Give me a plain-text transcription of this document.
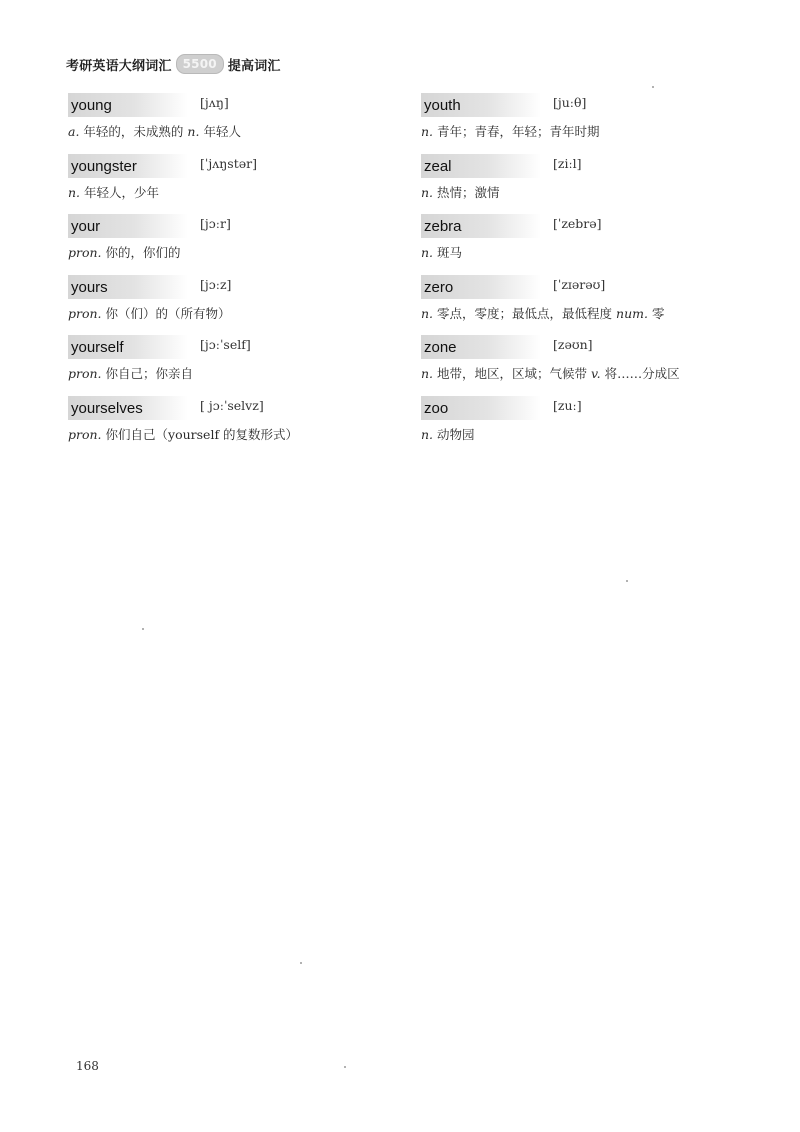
考研英语大纲词汇 5500 提高词汇
young	[jʌŋ]
a. 年轻的，未成熟的 n. 年轻人
youngster	[ˈjʌŋstər]
n. 年轻人，少年
your	[jɔːr]
pron. 你的，你们的
yours	[jɔːz]
pron. 你（们）的（所有物）
yourself	[jɔːˈself]
pron. 你自己；你亲自
yourselves	[ jɔːˈselvz]
pron. 你们自己（yourself 的复数形式）
youth	[juːθ]
n. 青年；青春，年轻；青年时期
zeal	[ziːl]
n. 热情；激情
zebra	[ˈzebrə]
n. 斑马
zero	[ˈzɪərəʊ]
n. 零点，零度；最低点，最低程度 num. 零
zone	[zəʊn]
n. 地带，地区，区域；气候带 v. 将……分成区
zoo	[zuː]
n. 动物园
168
